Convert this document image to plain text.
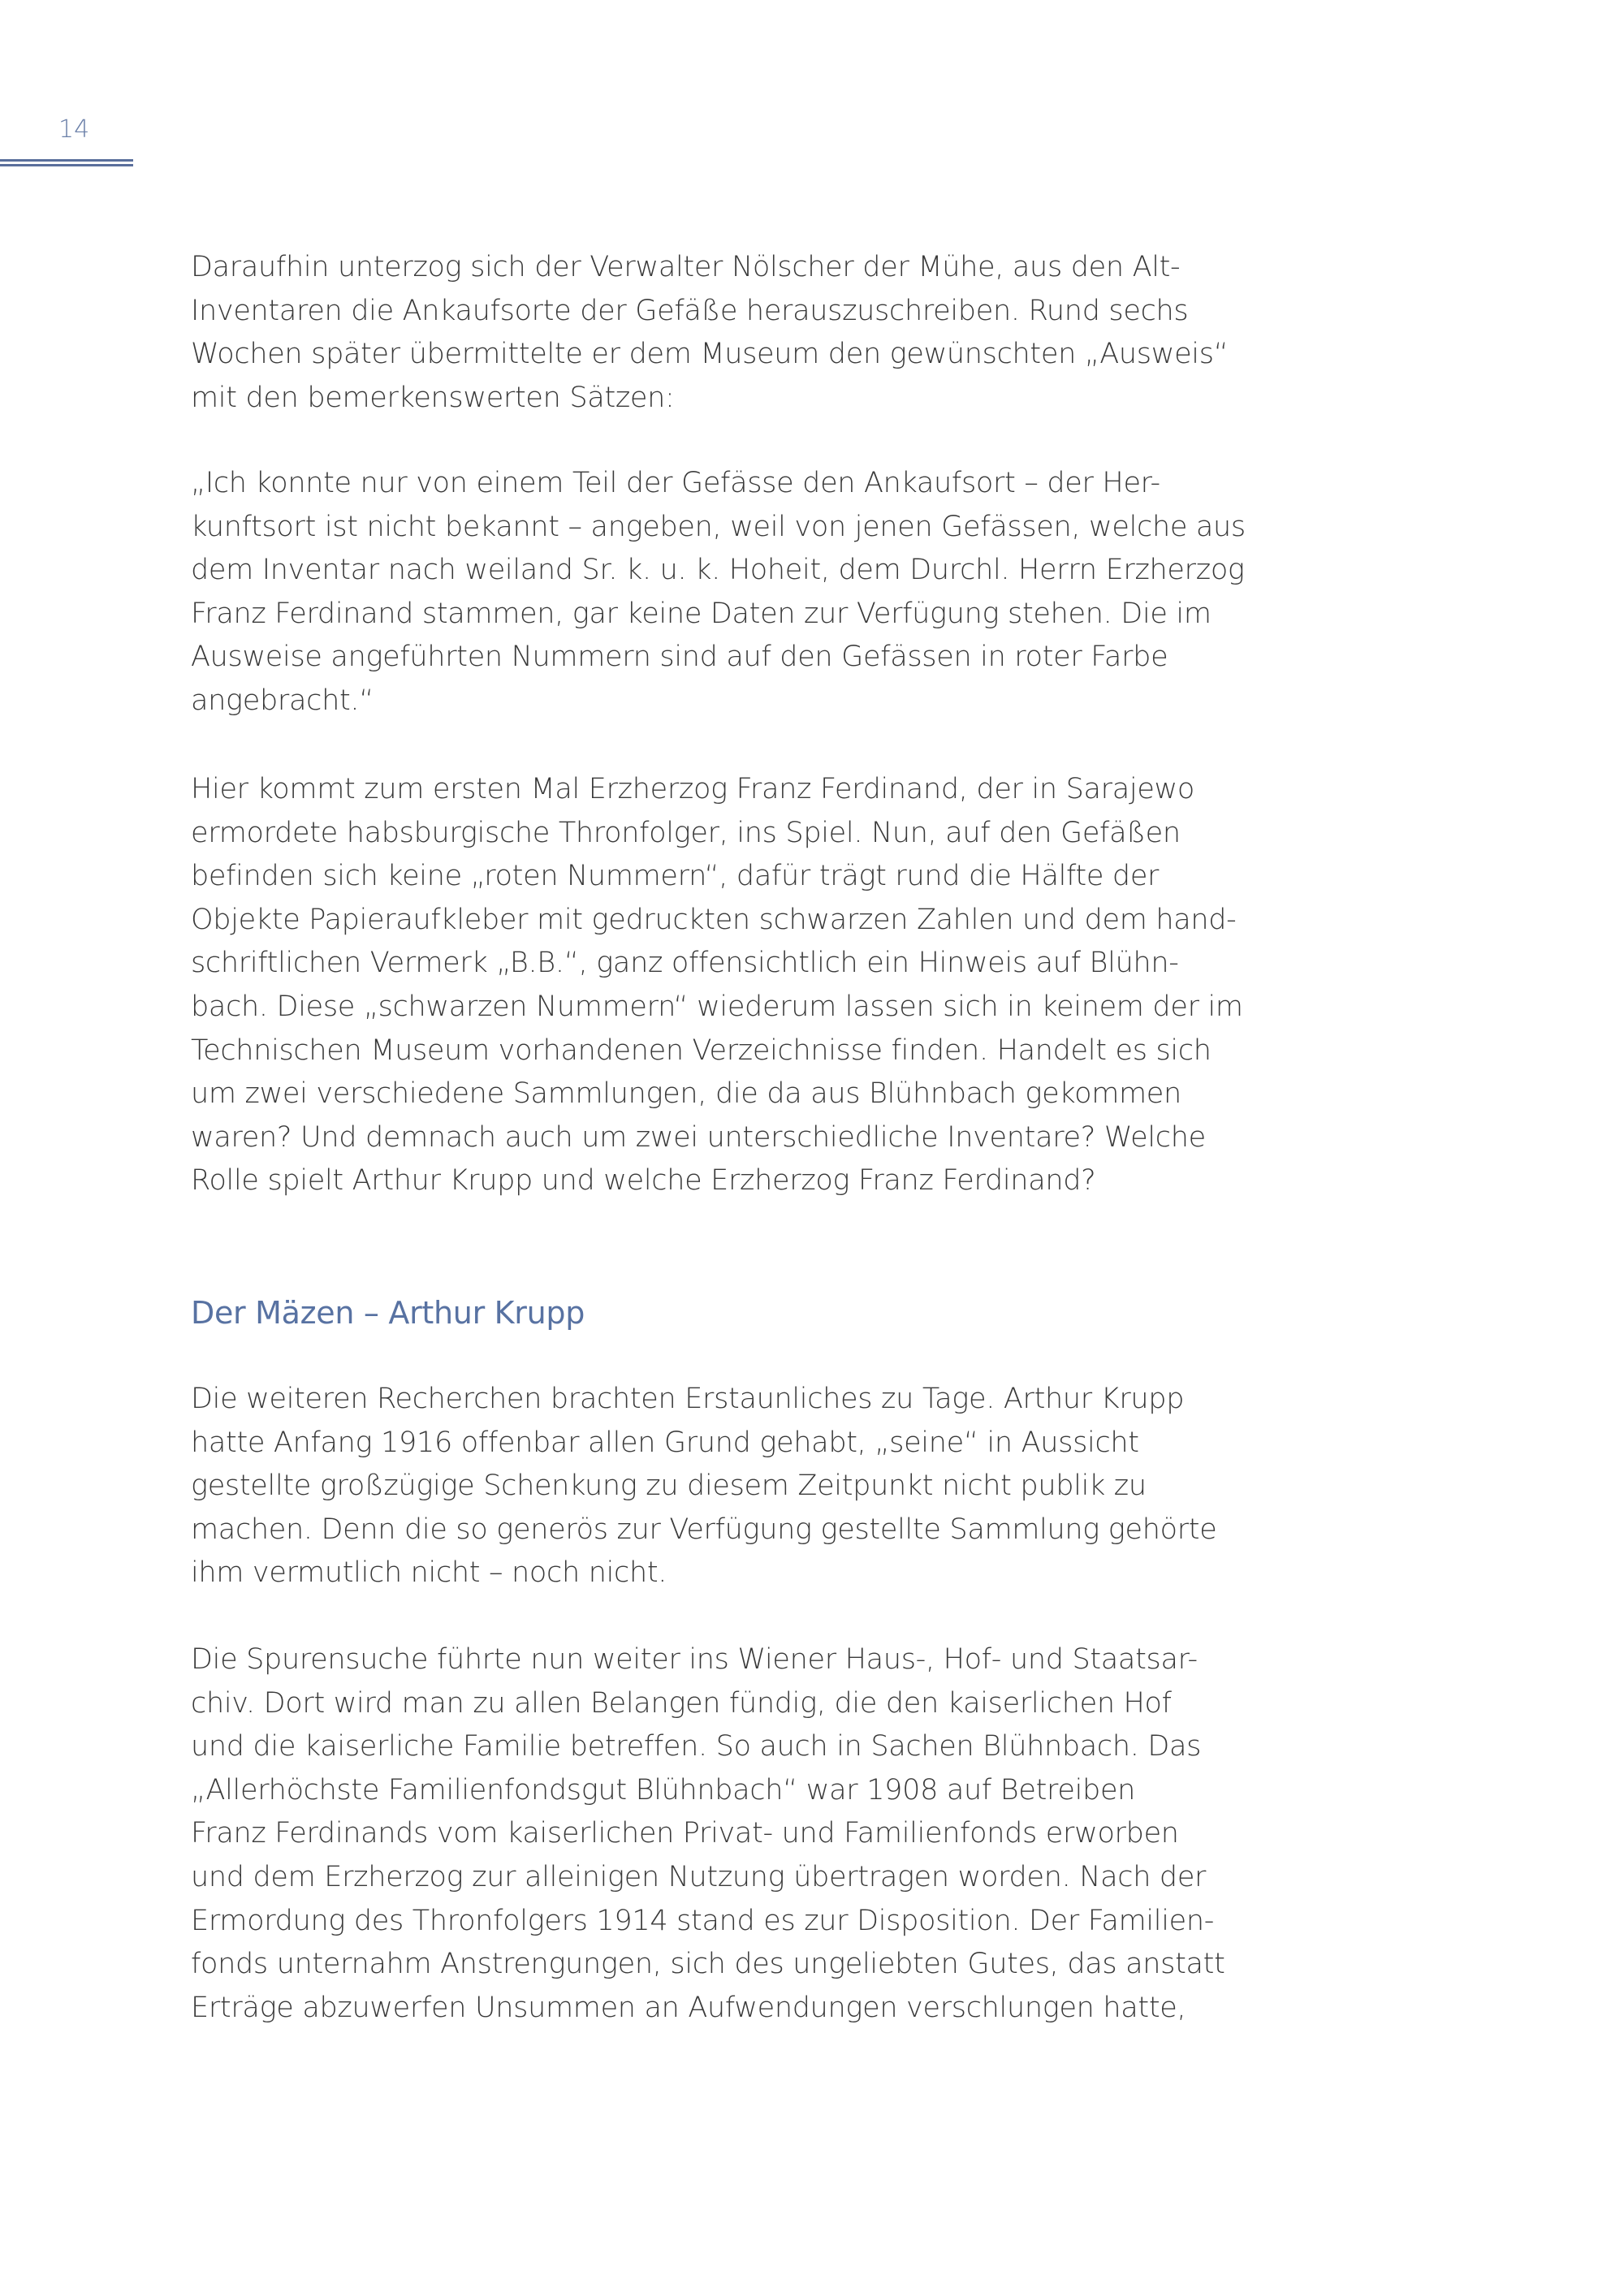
14
Daraufhin unterzog sich der Verwalter Nölscher der Mühe, aus den Alt-
Inventaren die Ankaufsorte der Gefäße herauszuschreiben. Rund sechs
Wochen später übermittelte er dem Museum den gewünschten „Ausweis“
mit den bemerkenswerten Sätzen:
„Ich konnte nur von einem Teil der Gefässe den Ankaufsort – der Her-
kunftsort ist nicht bekannt – angeben, weil von jenen Gefässen, welche aus
dem Inventar nach weiland Sr. k. u. k. Hoheit, dem Durchl. Herrn Erzherzog
Franz Ferdinand stammen, gar keine Daten zur Verfügung stehen. Die im
Ausweise angeführten Nummern sind auf den Gefässen in roter Farbe
angebracht.“
Hier kommt zum ersten Mal Erzherzog Franz Ferdinand, der in Sarajewo
ermordete habsburgische Thronfolger, ins Spiel. Nun, auf den Gefäßen
befinden sich keine „roten Nummern“, dafür trägt rund die Hälfte der
Objekte Papieraufkleber mit gedruckten schwarzen Zahlen und dem hand-
schriftlichen Vermerk „B.B.“, ganz offensichtlich ein Hinweis auf Blühn-
bach. Diese „schwarzen Nummern“ wiederum lassen sich in keinem der im
Technischen Museum vorhandenen Verzeichnisse finden. Handelt es sich
um zwei verschiedene Sammlungen, die da aus Blühnbach gekommen
waren? Und demnach auch um zwei unterschiedliche Inventare? Welche
Rolle spielt Arthur Krupp und welche Erzherzog Franz Ferdinand?
Der Mäzen – Arthur Krupp
Die weiteren Recherchen brachten Erstaunliches zu Tage. Arthur Krupp
hatte Anfang 1916 offenbar allen Grund gehabt, „seine“ in Aussicht
gestellte großzügige Schenkung zu diesem Zeitpunkt nicht publik zu
machen. Denn die so generös zur Verfügung gestellte Sammlung gehörte
ihm vermutlich nicht – noch nicht.
Die Spurensuche führte nun weiter ins Wiener Haus-, Hof- und Staatsar-
chiv. Dort wird man zu allen Belangen fündig, die den kaiserlichen Hof
und die kaiserliche Familie betreffen. So auch in Sachen Blühnbach. Das
„Allerhöchste Familienfondsgut Blühnbach“ war 1908 auf Betreiben
Franz Ferdinands vom kaiserlichen Privat- und Familienfonds erworben
und dem Erzherzog zur alleinigen Nutzung übertragen worden. Nach der
Ermordung des Thronfolgers 1914 stand es zur Disposition. Der Familien-
fonds unternahm Anstrengungen, sich des ungeliebten Gutes, das anstatt
Erträge abzuwerfen Unsummen an Aufwendungen verschlungen hatte,
